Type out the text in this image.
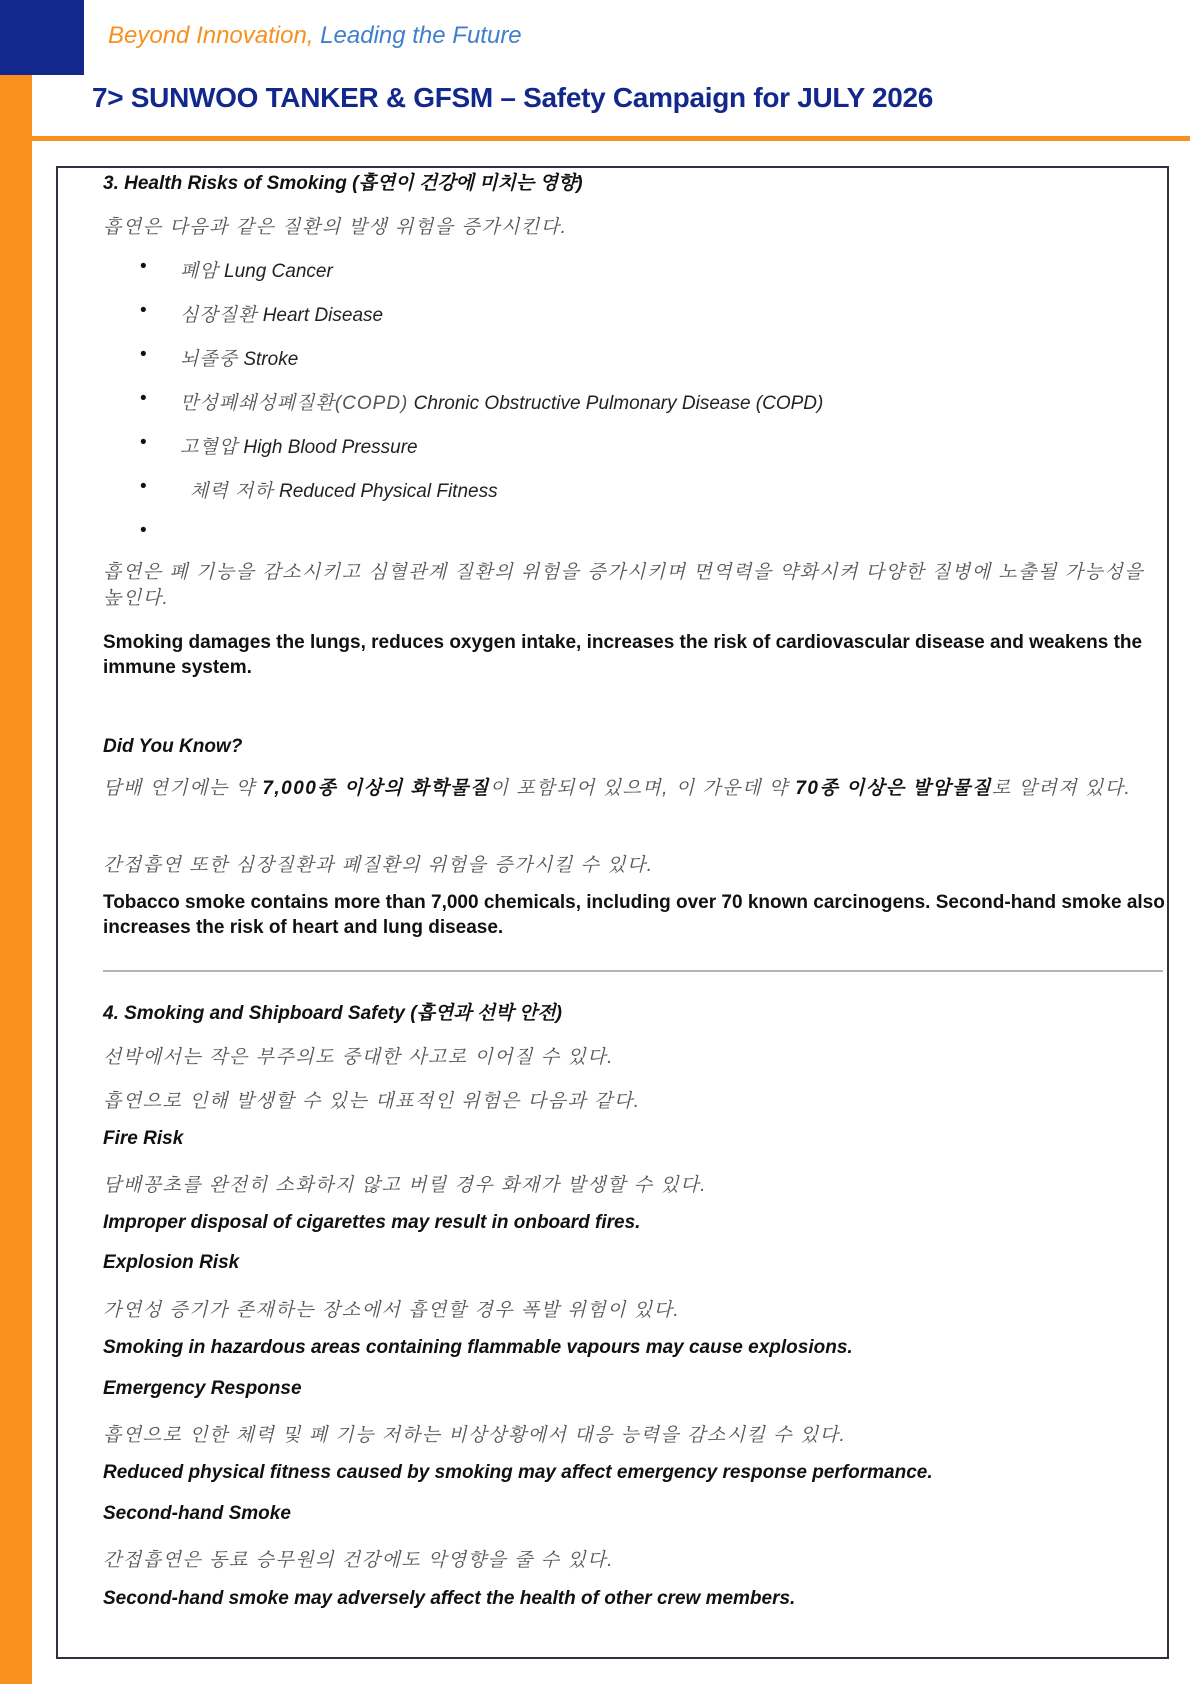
Beyond Innovation, Leading the Future
7> SUNWOO TANKER & GFSM – Safety Campaign for JULY 2026
3. Health Risks of Smoking (흡연이 건강에 미치는 영향)
흡연은 다음과 같은 질환의 발생 위험을 증가시킨다.
• 폐암 Lung Cancer
• 심장질환 Heart Disease
• 뇌졸중 Stroke
• 만성폐쇄성폐질환(COPD) Chronic Obstructive Pulmonary Disease (COPD)
• 고혈압 High Blood Pressure
• 체력 저하 Reduced Physical Fitness
•
흡연은 폐 기능을 감소시키고 심혈관계 질환의 위험을 증가시키며 면역력을 약화시켜 다양한 질병에 노출될 가능성을 높인다.
Smoking damages the lungs, reduces oxygen intake, increases the risk of cardiovascular disease and weakens the immune system.
Did You Know?
담배 연기에는 약 7,000종 이상의 화학물질이 포함되어 있으며, 이 가운데 약 70종 이상은 발암물질로 알려져 있다.
간접흡연 또한 심장질환과 폐질환의 위험을 증가시킬 수 있다.
Tobacco smoke contains more than 7,000 chemicals, including over 70 known carcinogens. Second-hand smoke also increases the risk of heart and lung disease.
4. Smoking and Shipboard Safety (흡연과 선박 안전)
선박에서는 작은 부주의도 중대한 사고로 이어질 수 있다.
흡연으로 인해 발생할 수 있는 대표적인 위험은 다음과 같다.
Fire Risk
담배꽁초를 완전히 소화하지 않고 버릴 경우 화재가 발생할 수 있다.
Improper disposal of cigarettes may result in onboard fires.
Explosion Risk
가연성 증기가 존재하는 장소에서 흡연할 경우 폭발 위험이 있다.
Smoking in hazardous areas containing flammable vapours may cause explosions.
Emergency Response
흡연으로 인한 체력 및 폐 기능 저하는 비상상황에서 대응 능력을 감소시킬 수 있다.
Reduced physical fitness caused by smoking may affect emergency response performance.
Second-hand Smoke
간접흡연은 동료 승무원의 건강에도 악영향을 줄 수 있다.
Second-hand smoke may adversely affect the health of other crew members.
